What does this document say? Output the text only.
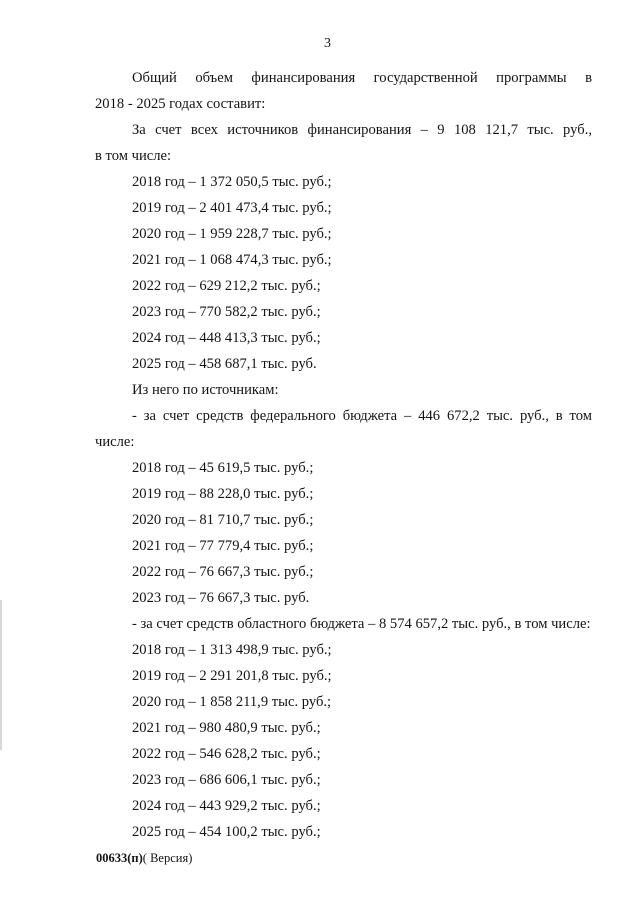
3
Общий объем финансирования государственной программы в
2018 - 2025 годах составит:
За счет всех источников финансирования – 9 108 121,7 тыс. руб.,
в том числе:
2018 год – 1 372 050,5 тыс. руб.;
2019 год – 2 401 473,4 тыс. руб.;
2020 год – 1 959 228,7 тыс. руб.;
2021 год – 1 068 474,3 тыс. руб.;
2022 год – 629 212,2 тыс. руб.;
2023 год – 770 582,2 тыс. руб.;
2024 год – 448 413,3 тыс. руб.;
2025 год – 458 687,1 тыс. руб.
Из него по источникам:
- за счет средств федерального бюджета – 446 672,2 тыс. руб., в том
числе:
2018 год – 45 619,5 тыс. руб.;
2019 год – 88 228,0 тыс. руб.;
2020 год – 81 710,7 тыс. руб.;
2021 год – 77 779,4 тыс. руб.;
2022 год – 76 667,3 тыс. руб.;
2023 год – 76 667,3 тыс. руб.
- за счет средств областного бюджета – 8 574 657,2 тыс. руб., в том числе:
2018 год – 1 313 498,9 тыс. руб.;
2019 год – 2 291 201,8 тыс. руб.;
2020 год – 1 858 211,9 тыс. руб.;
2021 год – 980 480,9 тыс. руб.;
2022 год – 546 628,2 тыс. руб.;
2023 год – 686 606,1 тыс. руб.;
2024 год – 443 929,2 тыс. руб.;
2025 год – 454 100,2 тыс. руб.;
00633(п)( Версия)
